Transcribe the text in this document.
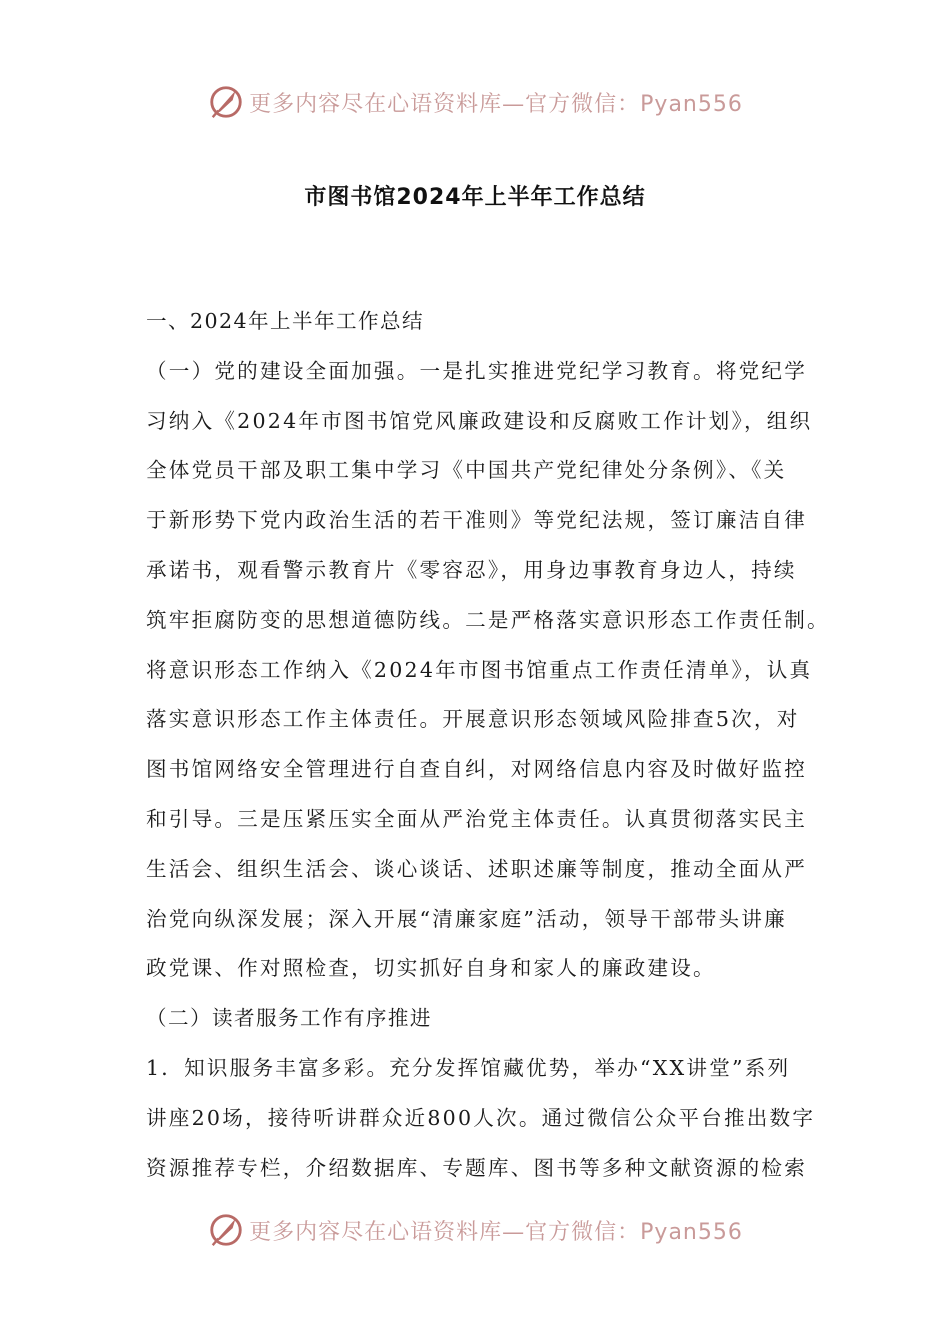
更多内容尽在心语资料库—官方微信：Pyan556
市图书馆2024年上半年工作总结
一、2024年上半年工作总结
（一）党的建设全面加强。一是扎实推进党纪学习教育。将党纪学
习纳入《2024年市图书馆党风廉政建设和反腐败工作计划》，组织
全体党员干部及职工集中学习《中国共产党纪律处分条例》、《关
于新形势下党内政治生活的若干准则》等党纪法规，签订廉洁自律
承诺书，观看警示教育片《零容忍》，用身边事教育身边人，持续
筑牢拒腐防变的思想道德防线。二是严格落实意识形态工作责任制。
将意识形态工作纳入《2024年市图书馆重点工作责任清单》，认真
落实意识形态工作主体责任。开展意识形态领域风险排查5次，对
图书馆网络安全管理进行自查自纠，对网络信息内容及时做好监控
和引导。三是压紧压实全面从严治党主体责任。认真贯彻落实民主
生活会、组织生活会、谈心谈话、述职述廉等制度，推动全面从严
治党向纵深发展；深入开展“清廉家庭”活动，领导干部带头讲廉
政党课、作对照检查，切实抓好自身和家人的廉政建设。
（二）读者服务工作有序推进
1．知识服务丰富多彩。充分发挥馆藏优势，举办“XX讲堂”系列
讲座20场，接待听讲群众近800人次。通过微信公众平台推出数字
资源推荐专栏，介绍数据库、专题库、图书等多种文献资源的检索
更多内容尽在心语资料库—官方微信：Pyan556
